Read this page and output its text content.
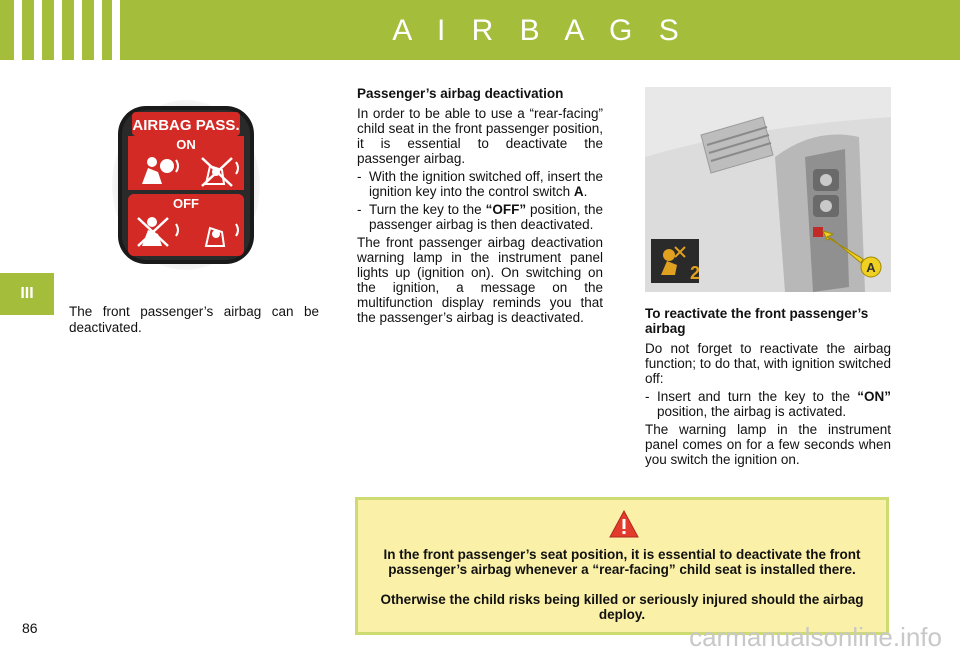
A I R B A G S
III
AIRBAG PASS.
ON
OFF
The front passenger’s airbag can be deactivated.
Passenger’s airbag deactivation

In order to be able to use a “rear-facing” child seat in the front passenger position, it is essential to deactivate the passenger airbag.

- With the ignition switched off, insert the ignition key into the control switch A.
- Turn the key to the “OFF” position, the passenger airbag is then deactivated.

The front passenger airbag deactivation warning lamp in the instrument panel lights up (ignition on). On switching on the ignition, a message on the multifunction display reminds you that the passenger’s airbag is deactivated.

A
2
To reactivate the front passenger’s airbag

Do not forget to reactivate the airbag function; to do that, with ignition switched off:

- Insert and turn the key to the “ON” position, the airbag is activated.

The warning lamp in the instrument panel comes on for a few seconds when you switch the ignition on.

In the front passenger’s seat position, it is essential to deactivate the front passenger’s airbag whenever a “rear-facing” child seat is installed there.
Otherwise the child risks being killed or seriously injured should the airbag deploy.
86	carmanualsonline.info
